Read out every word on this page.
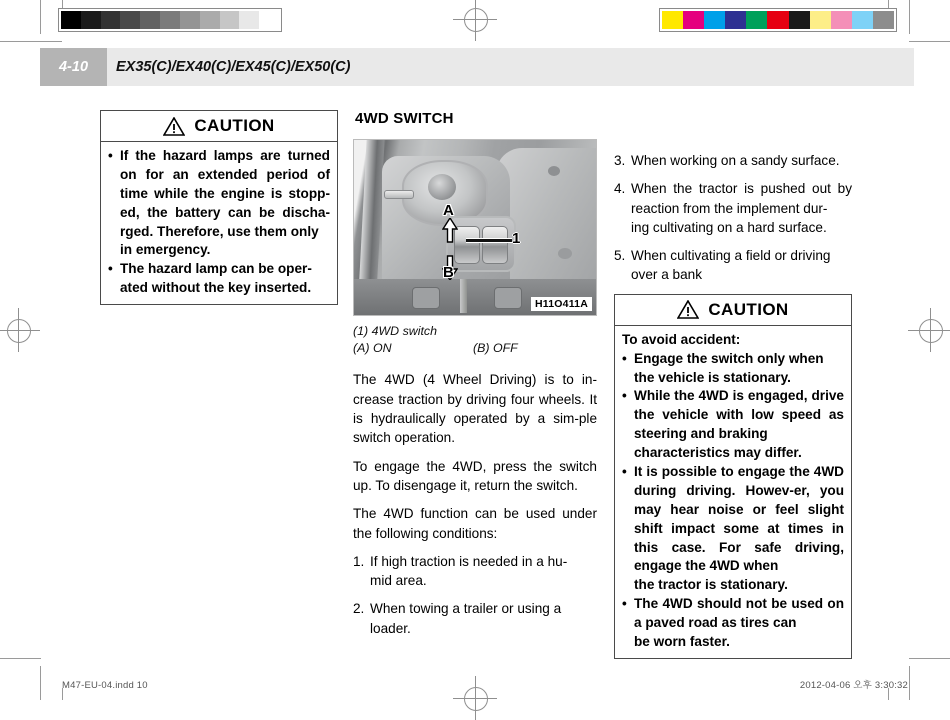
4-10	EX35(C)/EX40(C)/EX45(C)/EX50(C)
CAUTION
• If the hazard lamps are turned on for an extended period of time while the engine is stopp-ed, the battery can be discha-rged. Therefore, use them only
in emergency.
• The hazard lamp can be oper-
ated without the key inserted.
4WD SWITCH
A
B
1
H11O411A
(1) 4WD switch
(A) ON	(B) OFF

The 4WD (4 Wheel Driving) is to in-crease traction by driving four wheels. It is hydraulically operated by a sim-ple switch operation.

To engage the 4WD, press the switch up. To disengage it, return the switch.

The 4WD function can be used under the following conditions:

1. If high traction is needed in a hu-
mid area.
2. When towing a trailer or using a
loader.
3. When working on a sandy surface.
4. When the tractor is pushed out by reaction from the implement dur-
ing cultivating on a hard surface.
5. When cultivating a field or driving
over a bank
CAUTION
To avoid accident:
• Engage the switch only when
the vehicle is stationary.
• While the 4WD is engaged, drive the vehicle with low speed as steering and braking
characteristics may differ.
• It is possible to engage the 4WD during driving. Howev-er, you may hear noise or feel slight shift impact some at times in this case. For safe driving, engage the 4WD when
the tractor is stationary.
• The 4WD should not be used on a paved road as tires can
be worn faster.
M47-EU-04.indd 10	2012-04-06 오후 3:30:32
